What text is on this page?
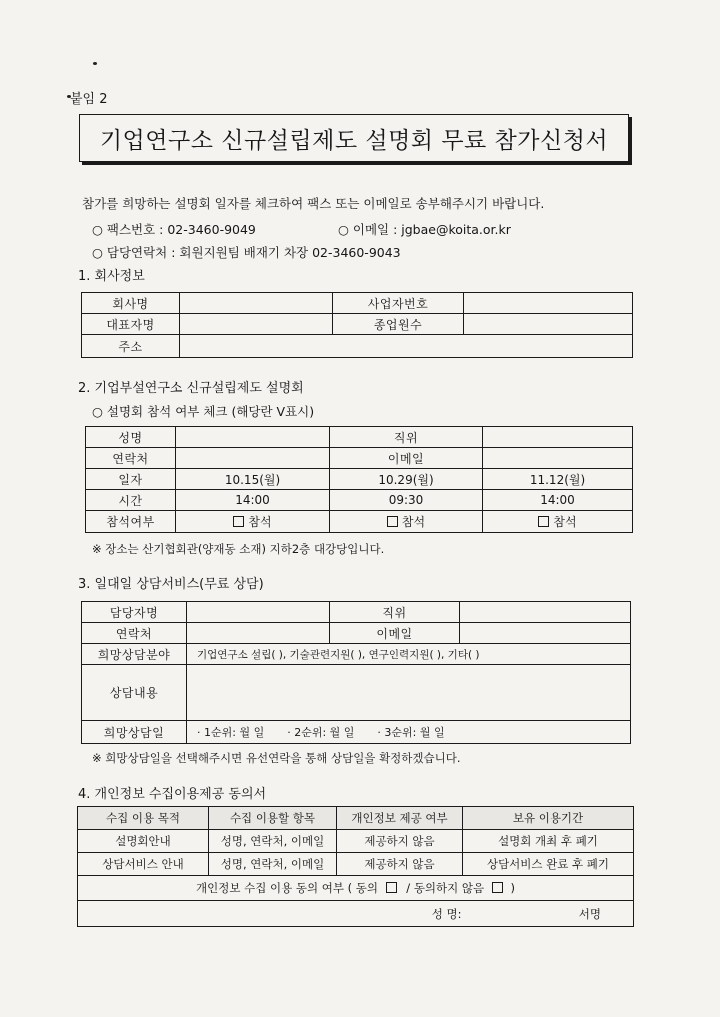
붙임 2
기업연구소 신규설립제도 설명회 무료 참가신청서
참가를 희망하는 설명회 일자를 체크하여 팩스 또는 이메일로 송부해주시기 바랍니다.
○ 팩스번호 : 02-3460-9049	○ 이메일 : jgbae@koita.or.kr
○ 담당연락처 : 회원지원팀 배재기 차장 02-3460-9043
1. 회사정보
회사명		사업자번호	
대표자명		종업원수	
주소			
2. 기업부설연구소 신규설립제도 설명회
○ 설명회 참석 여부 체크 (해당란 V표시)
성명		직위	
연락처		이메일	
일자	10.15(월)	10.29(월)	11.12(월)
시간	14:00	09:30	14:00
참석여부	참석	참석	참석
※ 장소는 산기협회관(양재동 소재) 지하2층 대강당입니다.
3. 일대일 상담서비스(무료 상담)
담당자명		직위	
연락처		이메일	
희망상담분야	기업연구소 설립( ), 기술관련지원( ), 연구인력지원( ), 기타( )		
상담내용			
희망상담일	· 1순위: 월 일 · 2순위: 월 일 · 3순위: 월 일		
※ 희망상담일을 선택해주시면 유선연락을 통해 상담일을 확정하겠습니다.
4. 개인정보 수집이용제공 동의서
수집 이용 목적	수집 이용할 항목	개인정보 제공 여부	보유 이용기간
설명회안내	성명, 연락처, 이메일	제공하지 않음	설명회 개최 후 폐기
상담서비스 안내	성명, 연락처, 이메일	제공하지 않음	상담서비스 완료 후 폐기
개인정보 수집 이용 동의 여부 ( 동의 / 동의하지 않음 )			
성 명: 서명			
